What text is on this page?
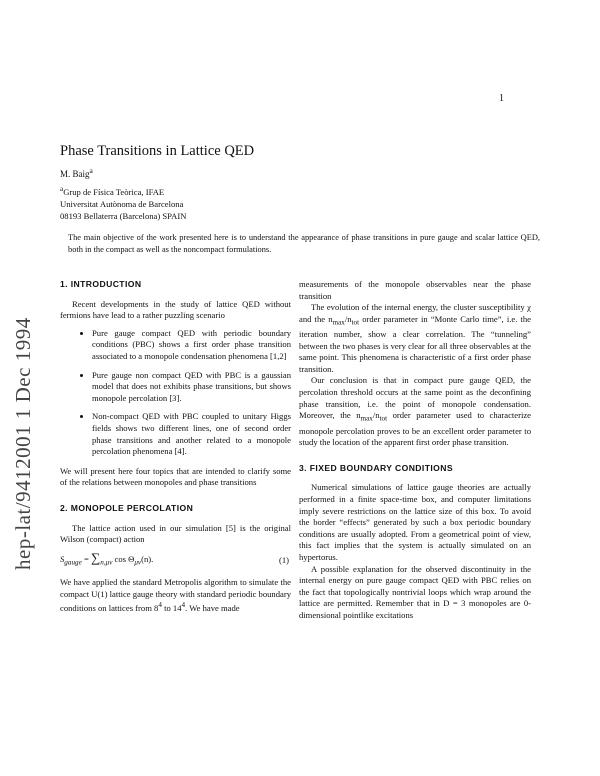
1
hep-lat/9412001 1 Dec 1994
Phase Transitions in Lattice QED
M. Baig$^a$
$^a$Grup de Física Teòrica, IFAE
Universitat Autònoma de Barcelona
08193 Bellaterra (Barcelona) SPAIN
The main objective of the work presented here is to understand the appearance of phase transitions in pure gauge and scalar lattice QED, both in the compact as well as the noncompact formulations.
1. INTRODUCTION

Recent developments in the study of lattice QED without fermions have lead to a rather puzzling scenario

• Pure gauge compact QED with periodic boundary conditions (PBC) shows a first order phase transition associated to a monopole condensation phenomena [1,2]
• Pure gauge non compact QED with PBC is a gaussian model that does not exhibits phase transitions, but shows monopole percolation [3].
• Non-compact QED with PBC coupled to unitary Higgs fields shows two different lines, one of second order phase transitions and another related to a monopole percolation phenomena [4].

We will present here four topics that are intended to clarify some of the relations between monopoles and phase transitions

2. MONOPOLE PERCOLATION

The lattice action used in our simulation [5] is the original Wilson (compact) action

$S_{gauge} = \sum_{n,\mu\nu}$ $\cos \Theta_{\mu\nu}(n)$.	(1)

We have applied the standard Metropolis algorithm to simulate the compact U(1) lattice gauge theory with standard periodic boundary conditions on lattices from $8^4$ to $14^4$. We have made

measurements of the monopole observables near the phase transition

The evolution of the internal energy, the cluster susceptibility χ and the $n_{max}/n_{tot}$ order parameter in “Monte Carlo time”, i.e. the iteration number, show a clear correlation. The “tunneling” between the two phases is very clear for all three observables at the same point. This phenomena is characteristic of a first order phase transition.

Our conclusion is that in compact pure gauge QED, the percolation threshold occurs at the same point as the deconfining phase transition, i.e. the point of monopole condensation. Moreover, the $n_{max}/n_{tot}$ order parameter used to characterize monopole percolation proves to be an excellent order parameter to study the location of the apparent first order phase transition.

3. FIXED BOUNDARY CONDITIONS

Numerical simulations of lattice gauge theories are actually performed in a finite space-time box, and computer limitations imply severe restrictions on the lattice size of this box. To avoid the border “effects” generated by such a box periodic boundary conditions are usually adopted. From a geometrical point of view, this fact implies that the system is actually simulated on an hypertorus.

A possible explanation for the observed discontinuity in the internal energy on pure gauge compact QED with PBC relies on the fact that topologically nontrivial loops which wrap around the lattice are permitted. Remember that in D = 3 monopoles are 0-dimensional pointlike excitations
